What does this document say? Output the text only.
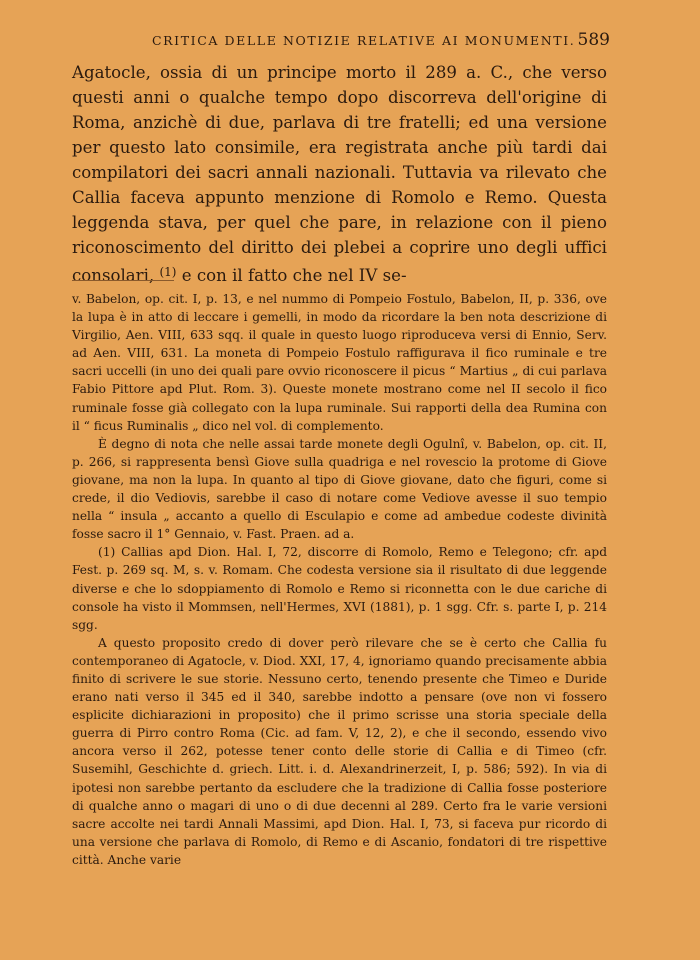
CRITICA DELLE NOTIZIE RELATIVE AI MONUMENTI. 589

Agatocle, ossia di un principe morto il 289 a. C., che verso questi anni o qualche tempo dopo discorreva dell'origine di Roma, anzichè di due, parlava di tre fratelli; ed una versione per questo lato consimile, era registrata anche più tardi dai compilatori dei sacri annali nazionali. Tuttavia va rilevato che Callia faceva appunto menzione di Romolo e Remo. Questa leggenda stava, per quel che pare, in relazione con il pieno riconoscimento del diritto dei plebei a coprire uno degli uffici consolari, $^{(1)}$ e con il fatto che nel IV se-

v. Babelon, op. cit. I, p. 13, e nel nummo di Pompeio Fostulo, Babelon, II, p. 336, ove la lupa è in atto di leccare i gemelli, in modo da ricordare la ben nota descrizione di Virgilio, Aen. VIII, 633 sqq. il quale in questo luogo riproduceva versi di Ennio, Serv. ad Aen. VIII, 631. La moneta di Pompeio Fostulo raffigurava il fico ruminale e tre sacri uccelli (in uno dei quali pare ovvio riconoscere il picus “ Martius „ di cui parlava Fabio Pittore apd Plut. Rom. 3). Queste monete mostrano come nel II secolo il fico ruminale fosse già collegato con la lupa ruminale. Sui rapporti della dea Rumina con il “ ficus Ruminalis „ dico nel vol. di complemento.

È degno di nota che nelle assai tarde monete degli Ogulnî, v. Babelon, op. cit. II, p. 266, si rappresenta bensì Giove sulla quadriga e nel rovescio la protome di Giove giovane, ma non la lupa. In quanto al tipo di Giove giovane, dato che figuri, come si crede, il dio Vediovis, sarebbe il caso di notare come Vediove avesse il suo tempio nella “ insula „ accanto a quello di Esculapio e come ad ambedue codeste divinità fosse sacro il 1° Gennaio, v. Fast. Praen. ad a.

(1) Callias apd Dion. Hal. I, 72, discorre di Romolo, Remo e Telegono; cfr. apd Fest. p. 269 sq. M, s. v. Romam. Che codesta versione sia il risultato di due leggende diverse e che lo sdoppiamento di Romolo e Remo si riconnetta con le due cariche di console ha visto il Mommsen, nell'Hermes, XVI (1881), p. 1 sgg. Cfr. s. parte I, p. 214 sgg.

A questo proposito credo di dover però rilevare che se è certo che Callia fu contemporaneo di Agatocle, v. Diod. XXI, 17, 4, ignoriamo quando precisamente abbia finito di scrivere le sue storie. Nessuno certo, tenendo presente che Timeo e Duride erano nati verso il 345 ed il 340, sarebbe indotto a pensare (ove non vi fossero esplicite dichiarazioni in proposito) che il primo scrisse una storia speciale della guerra di Pirro contro Roma (Cic. ad fam. V, 12, 2), e che il secondo, essendo vivo ancora verso il 262, potesse tener conto delle storie di Callia e di Timeo (cfr. Susemihl, Geschichte d. griech. Litt. i. d. Alexandrinerzeit, I, p. 586; 592). In via di ipotesi non sarebbe pertanto da escludere che la tradizione di Callia fosse posteriore di qualche anno o magari di uno o di due decenni al 289. Certo fra le varie versioni sacre accolte nei tardi Annali Massimi, apd Dion. Hal. I, 73, si faceva pur ricordo di una versione che parlava di Romolo, di Remo e di Ascanio, fondatori di tre rispettive città. Anche varie
